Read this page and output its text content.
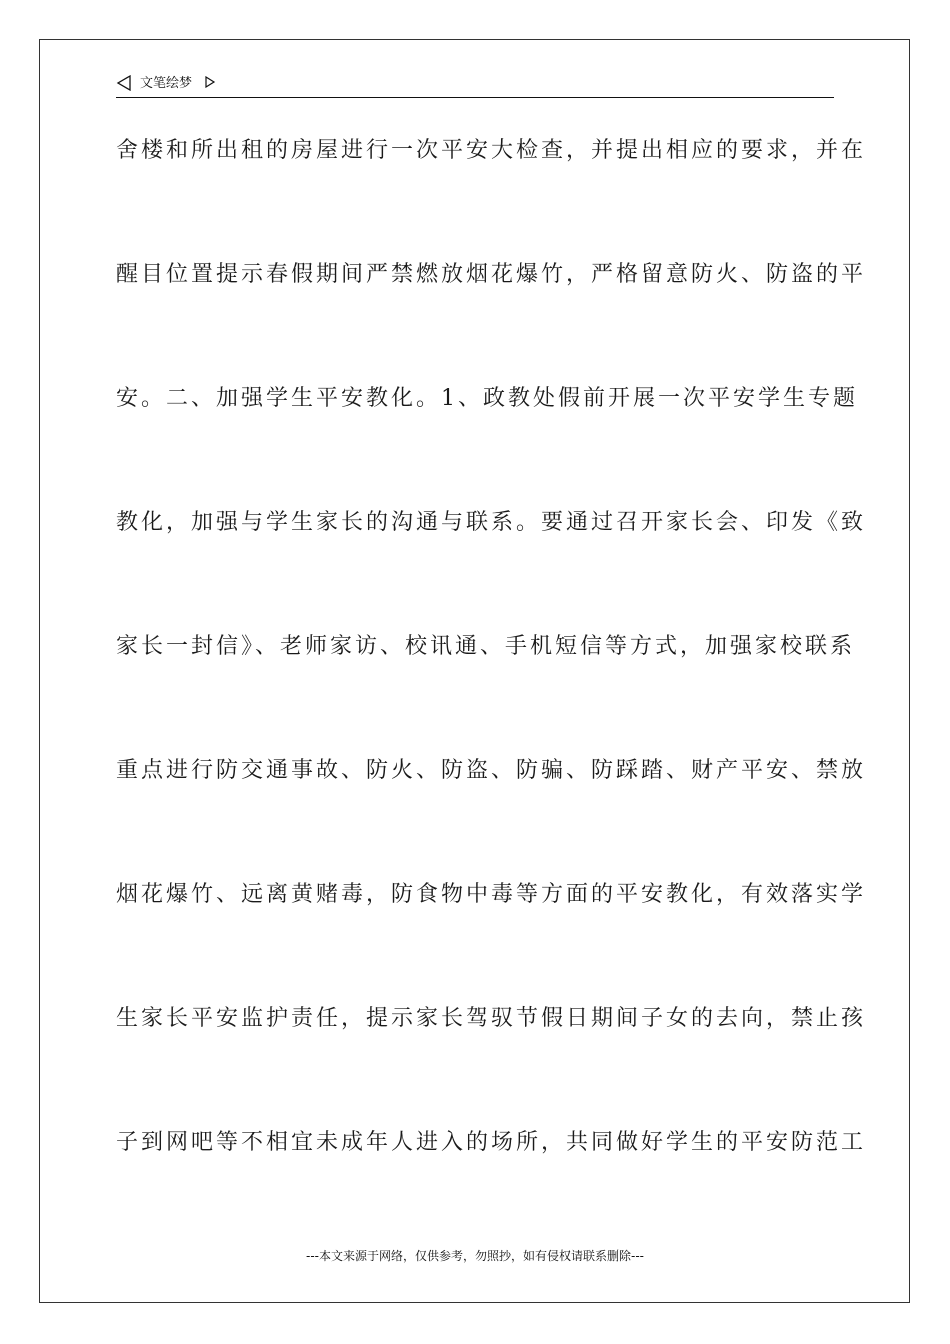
文笔绘梦
舍楼和所出租的房屋进行一次平安大检查，并提出相应的要求，并在
醒目位置提示春假期间严禁燃放烟花爆竹，严格留意防火、防盗的平
安。二、加强学生平安教化。1、政教处假前开展一次平安学生专题
教化，加强与学生家长的沟通与联系。要通过召开家长会、印发《致
家长一封信》、老师家访、校讯通、手机短信等方式，加强家校联系
重点进行防交通事故、防火、防盗、防骗、防踩踏、财产平安、禁放
烟花爆竹、远离黄赌毒，防食物中毒等方面的平安教化，有效落实学
生家长平安监护责任，提示家长驾驭节假日期间子女的去向，禁止孩
子到网吧等不相宜未成年人进入的场所，共同做好学生的平安防范工
---本文来源于网络，仅供参考，勿照抄，如有侵权请联系删除---
